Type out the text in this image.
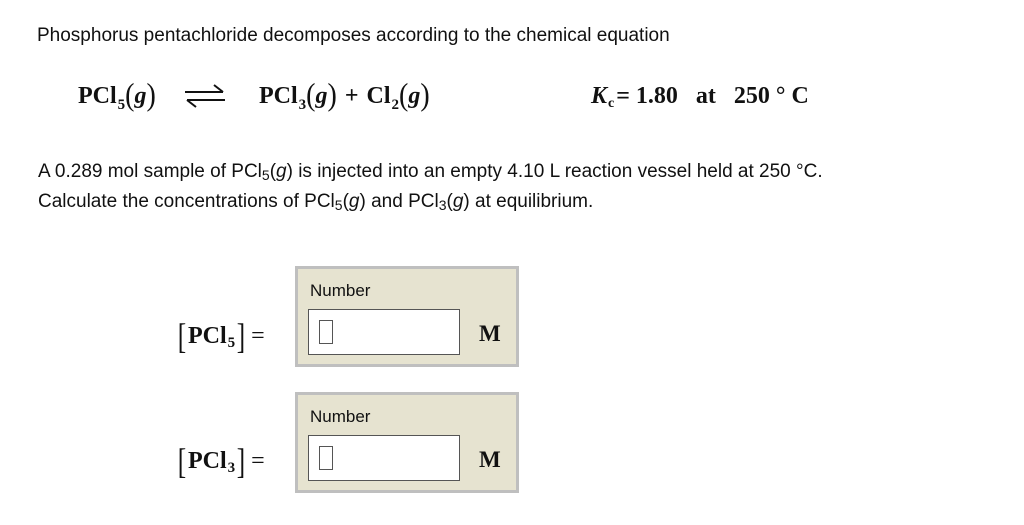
Phosphorus pentachloride decomposes according to the chemical equation

PCl 5 ( g )	PCl 3 ( g ) + Cl 2 ( g )	K c = 1.80 at 250 ° C
A 0.289 mol sample of PCl5(g) is injected into an empty 4.10 L reaction vessel held at 250 °C.
Calculate the concentrations of PCl5(g) and PCl3(g) at equilibrium.
[ PCl 5 ] =
Number
M
[ PCl 3 ] =
Number
M
